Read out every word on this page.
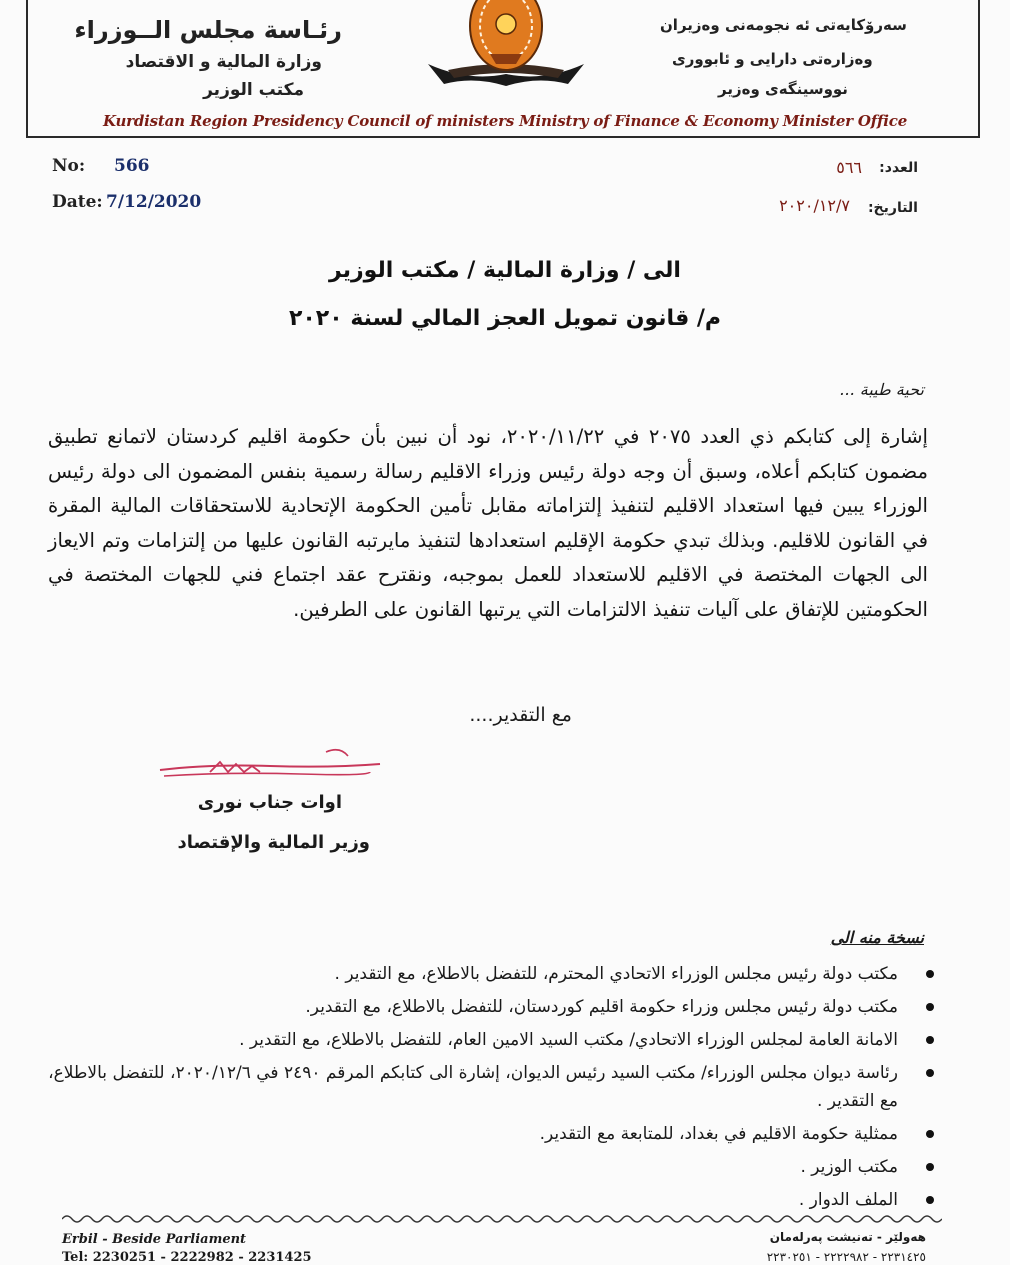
رئـاسة مجلس الــوزراء
وزارة المالية و الاقتصاد
مكتب الوزير
سەرۆکایەتی ئە نجومەنی وەزیران
وەزارەتی دارایی و ئابووری
نووسینگەی وەزیر
Kurdistan Region Presidency Council of ministers Ministry of Finance & Economy Minister Office
No: 566
Date: 7/12/2020
العدد:
٥٦٦
التاريخ:
٢٠٢٠/١٢/٧
الى / وزارة المالية / مكتب الوزير
م/ قانون تمويل العجز المالي لسنة ٢٠٢٠
تحية طيبة ...
إشارة إلى كتابكم ذي العدد ٢٠٧٥ في ٢٠٢٠/١١/٢٢، نود أن نبين بأن حكومة اقليم كردستان لاتمانع تطبيق مضمون كتابكم أعلاه، وسبق أن وجه دولة رئيس وزراء الاقليم رسالة رسمية بنفس المضمون الى دولة رئيس الوزراء يبين فيها استعداد الاقليم لتنفيذ إلتزاماته مقابل تأمين الحكومة الإتحادية للاستحقاقات المالية المقرة في القانون للاقليم. وبذلك تبدي حكومة الإقليم استعدادها لتنفيذ مايرتبه القانون عليها من إلتزامات وتم الايعاز الى الجهات المختصة في الاقليم للاستعداد للعمل بموجبه، ونقترح عقد اجتماع فني للجهات المختصة في الحكومتين للإتفاق على آليات تنفيذ الالتزامات التي يرتبها القانون على الطرفين.
مع التقدير....
اوات جناب نوری
وزير المالية والإقتصاد
نسخة منه الى
مكتب دولة رئيس مجلس الوزراء الاتحادي المحترم، للتفضل بالاطلاع، مع التقدير .
مكتب دولة رئيس مجلس وزراء حكومة اقليم كوردستان، للتفضل بالاطلاع، مع التقدير.
الامانة العامة لمجلس الوزراء الاتحادي/ مكتب السيد الامين العام، للتفضل بالاطلاع، مع التقدير .
رئاسة ديوان مجلس الوزراء/ مكتب السيد رئيس الديوان، إشارة الى كتابكم المرقم ٢٤٩٠ في ٢٠٢٠/١٢/٦، للتفضل بالاطلاع، مع التقدير .
ممثلية حكومة الاقليم في بغداد، للمتابعة مع التقدير.
مكتب الوزير .
الملف الدوار .
Erbil - Beside Parliament
Tel: 2230251 - 2222982 - 2231425
هەولێر - تەنیشت پەرلەمان
٢٢٣١٤٢٥ - ٢٢٢٢٩٨٢ - ٢٢٣٠٢٥١
